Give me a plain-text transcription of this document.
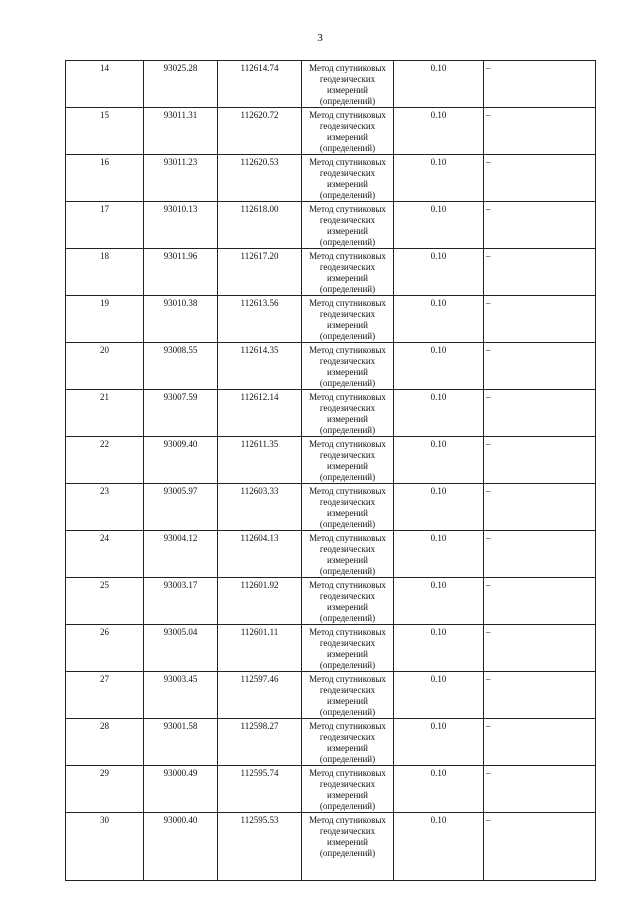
3
14	93025.28	112614.74	Метод спутниковых геодезических измерений (определений)	0.10	–
15	93011.31	112620.72	Метод спутниковых геодезических измерений (определений)	0.10	–
16	93011.23	112620.53	Метод спутниковых геодезических измерений (определений)	0.10	–
17	93010.13	112618.00	Метод спутниковых геодезических измерений (определений)	0.10	–
18	93011.96	112617.20	Метод спутниковых геодезических измерений (определений)	0.10	–
19	93010.38	112613.56	Метод спутниковых геодезических измерений (определений)	0.10	–
20	93008.55	112614.35	Метод спутниковых геодезических измерений (определений)	0.10	–
21	93007.59	112612.14	Метод спутниковых геодезических измерений (определений)	0.10	–
22	93009.40	112611.35	Метод спутниковых геодезических измерений (определений)	0.10	–
23	93005.97	112603.33	Метод спутниковых геодезических измерений (определений)	0.10	–
24	93004.12	112604.13	Метод спутниковых геодезических измерений (определений)	0.10	–
25	93003.17	112601.92	Метод спутниковых геодезических измерений (определений)	0.10	–
26	93005.04	112601.11	Метод спутниковых геодезических измерений (определений)	0.10	–
27	93003.45	112597.46	Метод спутниковых геодезических измерений (определений)	0.10	–
28	93001.58	112598.27	Метод спутниковых геодезических измерений (определений)	0.10	–
29	93000.49	112595.74	Метод спутниковых геодезических измерений (определений)	0.10	–
30	93000.40	112595.53	Метод спутниковых геодезических измерений (определений)	0.10	–
